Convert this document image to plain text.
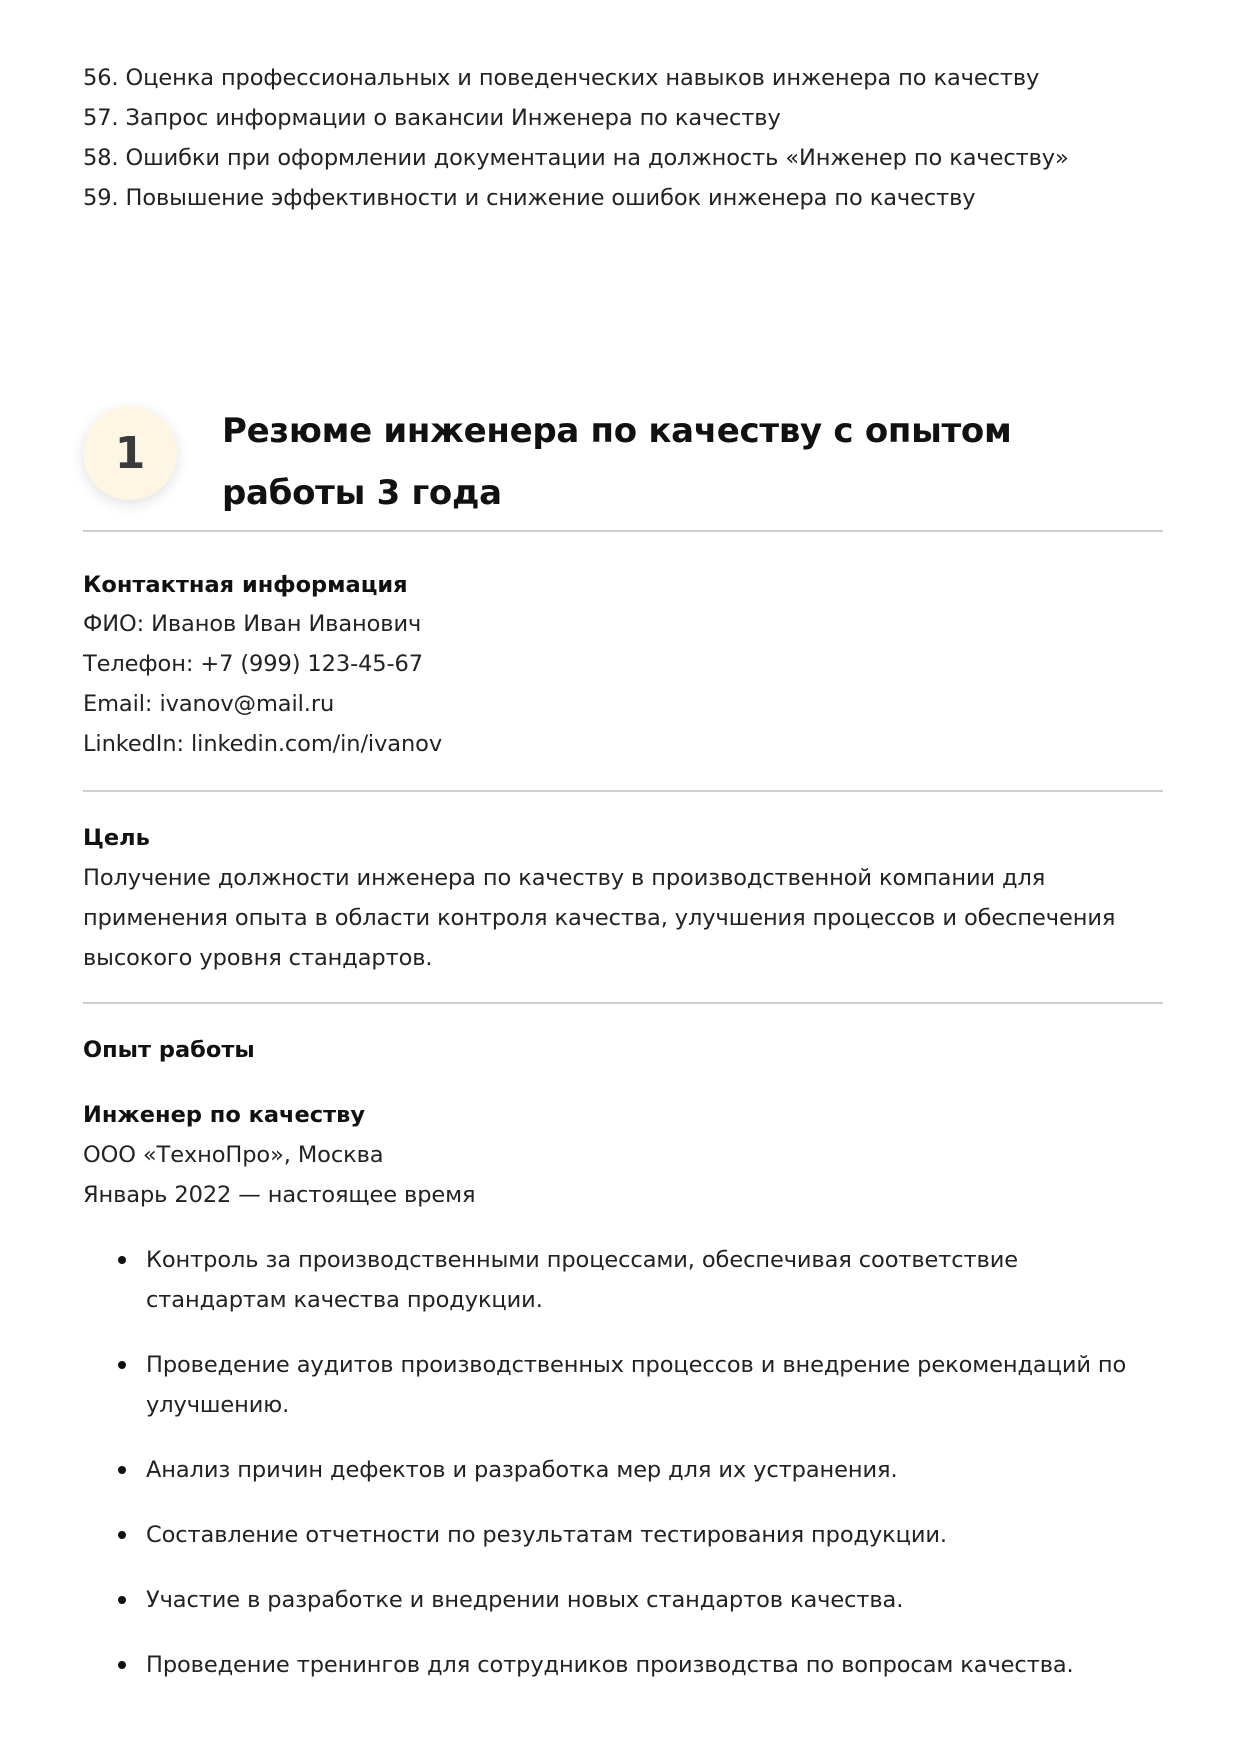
56. Оценка профессиональных и поведенческих навыков инженера по качеству
57. Запрос информации о вакансии Инженера по качеству
58. Ошибки при оформлении документации на должность «Инженер по качеству»
59. Повышение эффективности и снижение ошибок инженера по качеству
1	Резюме инженера по качеству с опытом работы 3 года
Контактная информация
ФИО: Иванов Иван Иванович
Телефон: +7 (999) 123-45-67
Email: ivanov@mail.ru
LinkedIn: linkedin.com/in/ivanov
Цель

Получение должности инженера по качеству в производственной компании для применения опыта в области контроля качества, улучшения процессов и обеспечения высокого уровня стандартов.

Опыт работы
Инженер по качеству
ООО «ТехноПро», Москва
Январь 2022 — настоящее время
Контроль за производственными процессами, обеспечивая соответствие стандартам качества продукции.
Проведение аудитов производственных процессов и внедрение рекомендаций по улучшению.
Анализ причин дефектов и разработка мер для их устранения.
Составление отчетности по результатам тестирования продукции.
Участие в разработке и внедрении новых стандартов качества.
Проведение тренингов для сотрудников производства по вопросам качества.
